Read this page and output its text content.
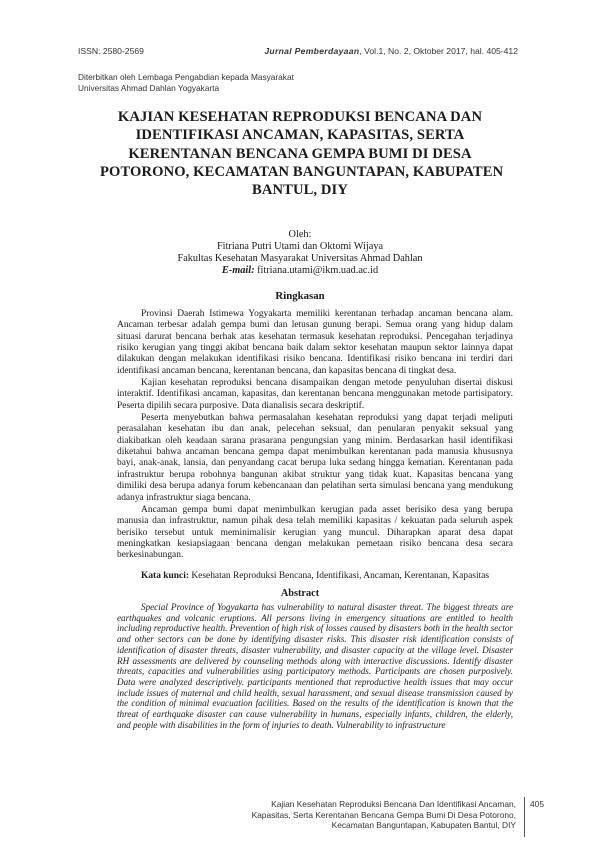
ISSN: 2580-2569	Jurnal Pemberdayaan, Vol.1, No. 2, Oktober 2017, hal. 405-412
Diterbitkan oleh Lembaga Pengabdian kepada Masyarakat
Universitas Ahmad Dahlan Yogyakarta
KAJIAN KESEHATAN REPRODUKSI BENCANA DAN
IDENTIFIKASI ANCAMAN, KAPASITAS, SERTA
KERENTANAN BENCANA GEMPA BUMI DI DESA
POTORONO, KECAMATAN BANGUNTAPAN, KABUPATEN
BANTUL, DIY
Oleh:
Fitriana Putri Utami dan Oktomi Wijaya
Fakultas Kesehatan Masyarakat Universitas Ahmad Dahlan
E-mail: fitriana.utami@ikm.uad.ac.id
Ringkasan

Provinsi Daerah Istimewa Yogyakarta memiliki kerentanan terhadap ancaman bencana alam. Ancaman terbesar adalah gempa bumi dan letusan gunung berapi. Semua orang yang hidup dalam situasi darurat bencana berhak atas kesehatan termasuk kesehatan reproduksi. Pencegahan terjadinya risiko kerugian yang tinggi akibat bencana baik dalam sektor kesehatan maupun sektor lainnya dapat dilakukan dengan melakukan identifikasi risiko bencana. Identifikasi risiko bencana ini terdiri dari identifikasi ancaman bencana, kerentanan bencana, dan kapasitas bencana di tingkat desa.

Kajian kesehatan reproduksi bencana disampaikan dengan metode penyuluhan disertai diskusi interaktif. Identifikasi ancaman, kapasitas, dan kerentanan bencana menggunakan metode partisipatory. Peserta dipilih secara purposive. Data dianalisis secara deskriptif.

Peserta menyebutkan bahwa permasalahan kesehatan reproduksi yang dapat terjadi meliputi perasalahan kesehatan ibu dan anak, pelecehan seksual, dan penularan penyakit seksual yang diakibatkan oleh keadaan sarana prasarana pengungsian yang minim. Berdasarkan hasil identifikasi diketahui bahwa ancaman bencana gempa dapat menimbulkan kerentanan pada manusia khususnya bayi, anak-anak, lansia, dan penyandang cacat berupa luka sedang hingga kematian. Kerentanan pada infrastruktur berupa robohnya bangunan akibat struktur yang tidak kuat. Kapasitas bencana yang dimiliki desa berupa adanya forum kebencanaan dan pelatihan serta simulasi bencana yang mendukung adanya infrastruktur siaga bencana.

Ancaman gempa bumi dapat menimbulkan kerugian pada asset berisiko desa yang berupa manusia dan infrastruktur, namun pihak desa telah memiliki kapasitas / kekuatan pada seluruh aspek berisiko tersebut untuk meminimalisir kerugian yang muncul. Diharapkan aparat desa dapat meningkatkan kesiapsiagaan bencana dengan melakukan pemetaan risiko bencana desa secara berkesinabungan.

Kata kunci: Kesehatan Reproduksi Bencana, Identifikasi, Ancaman, Kerentanan, Kapasitas
Abstract

Special Province of Yogyakarta has vulnerability to natural disaster threat. The biggest threats are earthquakes and volcanic eruptions. All persons living in emergency situations are entitled to health including reproductive health. Prevention of high risk of losses caused by disasters both in the health sector and other sectors can be done by identifying disaster risks. This disaster risk identification consists of identification of disaster threats, disaster vulnerability, and disaster capacity at the village level. Disaster RH assessments are delivered by counseling methods along with interactive discussions. Identify disaster threats, capacities and vulnerabilities using participatory methods. Participants are chosen purposively. Data were analyzed descriptively. participants mentioned that reproductive health issues that may occur include issues of maternal and child health, sexual harassment, and sexual disease transmission caused by the condition of minimal evacuation facilities. Based on the results of the identification is known that the threat of earthquake disaster can cause vulnerability in humans, especially infants, children, the elderly, and people with disabilities in the form of injuries to death. Vulnerability to infrastructure

Kajian Kesehatan Reproduksi Bencana Dan Identifikasi Ancaman,
Kapasitas, Serta Kerentanan Bencana Gempa Bumi Di Desa Potorono,
Kecamatan Banguntapan, Kabupaten Bantul, DIY
405
